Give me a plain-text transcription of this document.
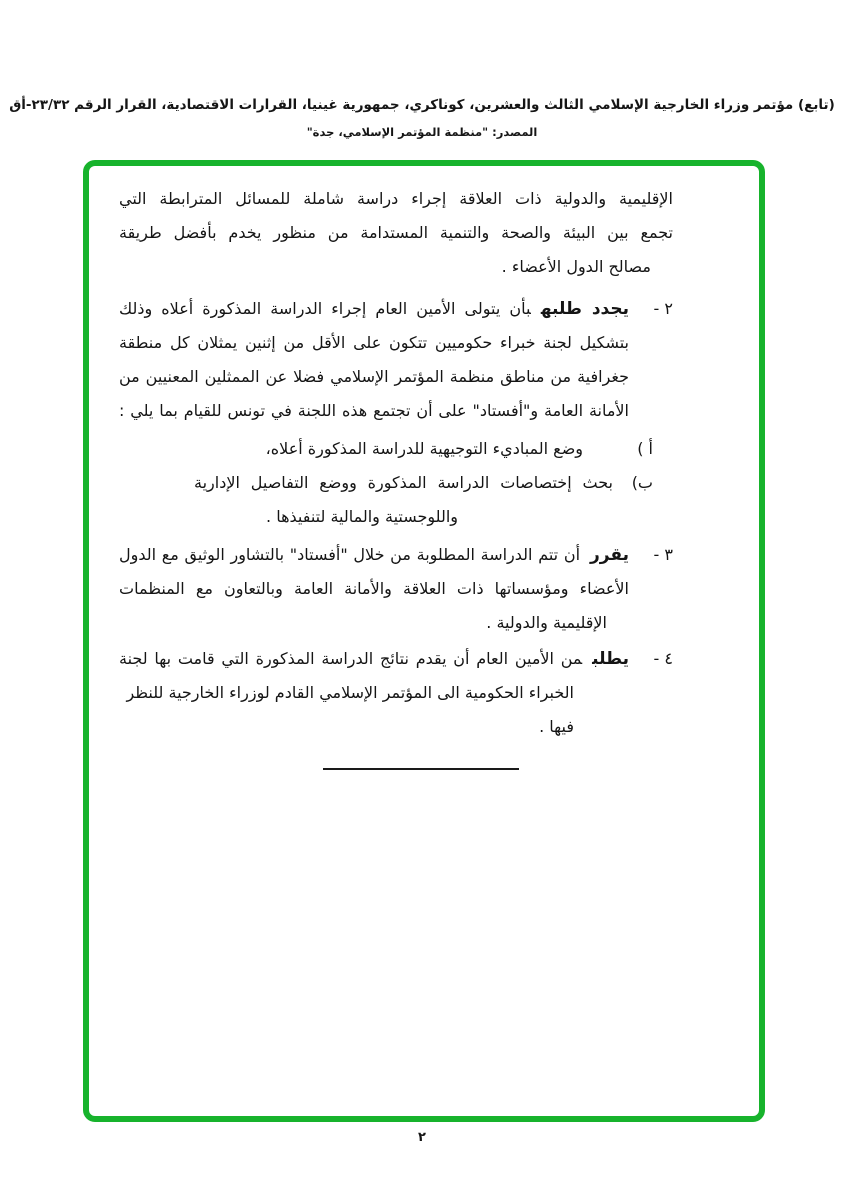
(تابع) مؤتمر وزراء الخارجية الإسلامي الثالث والعشرين، كوناكري، جمهورية غينيا، القرارات الاقتصادية، القرار الرقم ٢٣/٣٢-أق
المصدر: "منظمة المؤتمر الإسلامي، جدة"
الإقليمية والدولية ذات العلاقة إجراء دراسة شاملة للمسائل المترابطة التي
تجمع بين البيئة والصحة والتنمية المستدامة من منظور يخدم بأفضل طريقة
مصالح الدول الأعضاء .
٢ -
يجدد طلبهبأن يتولى الأمين العام إجراء الدراسة المذكورة أعلاه وذلك
بتشكيل لجنة خبراء حكوميين تتكون على الأقل من إثنين يمثلان كل منطقة
جغرافية من مناطق منظمة المؤتمر الإسلامي فضلا عن الممثلين المعنيين من
الأمانة العامة و"أفستاد" على أن تجتمع هذه اللجنة في تونس للقيام بما يلي :
أ )
وضع المباديء التوجيهية للدراسة المذكورة أعلاه،
ب)
بحث إختصاصات الدراسة المذكورة ووضع التفاصيل الإدارية
واللوجستية والمالية لتنفيذها .
٣ -
يقررأن تتم الدراسة المطلوبة من خلال "أفستاد" بالتشاور الوثيق مع الدول
الأعضاء ومؤسساتها ذات العلاقة والأمانة العامة وبالتعاون مع المنظمات
الإقليمية والدولية .
٤ -
يطلبمن الأمين العام أن يقدم نتائج الدراسة المذكورة التي قامت بها لجنة
الخبراء الحكومية الى المؤتمر الإسلامي القادم لوزراء الخارجية للنظر فيها .
٢
